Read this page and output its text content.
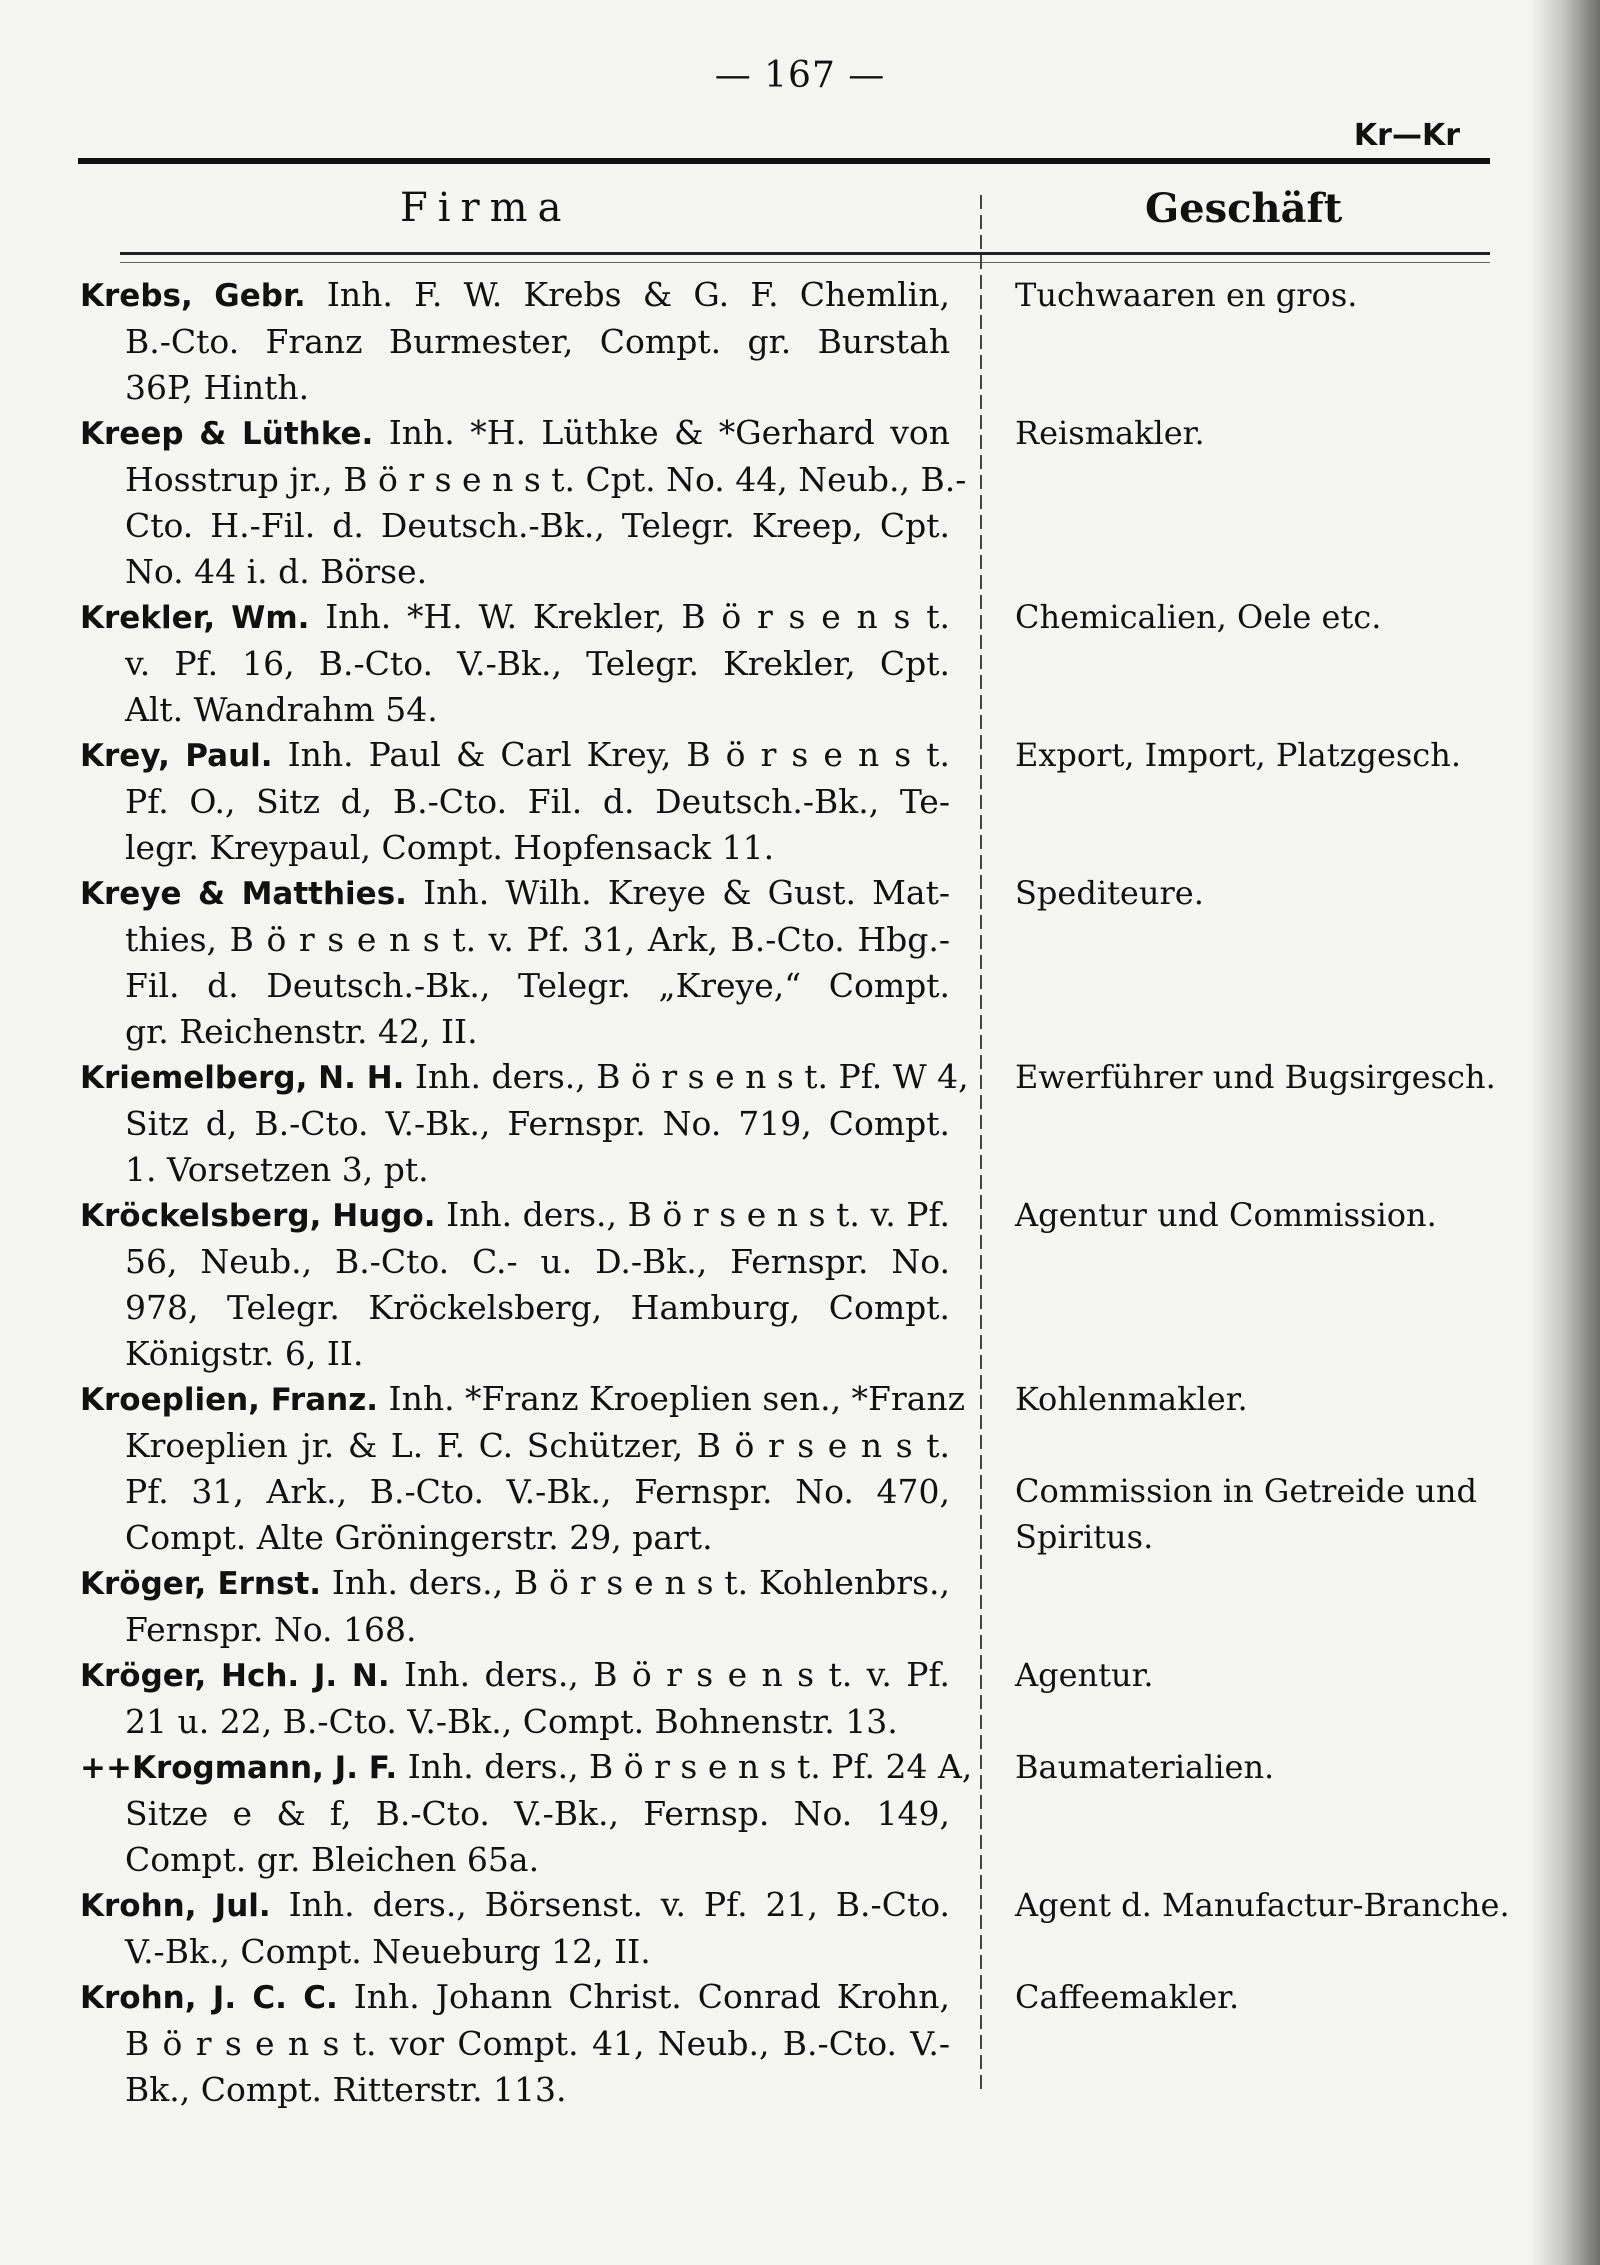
— 167 —
Kr—Kr
Firma	Geschäft
Krebs, Gebr. Inh. F. W. Krebs & G. F. Chemlin,
B.-Cto. Franz Burmester, Compt. gr. Burstah
36P, Hinth.
Tuchwaaren en gros.
Kreep & Lüthke. Inh. *H. Lüthke & *Gerhard von
Hosstrup jr., B ö r s e n s t. Cpt. No. 44, Neub., B.-
Cto. H.-Fil. d. Deutsch.-Bk., Telegr. Kreep, Cpt.
No. 44 i. d. Börse.
Reismakler.
Krekler, Wm. Inh. *H. W. Krekler, B ö r s e n s t.
v. Pf. 16, B.-Cto. V.-Bk., Telegr. Krekler, Cpt.
Alt. Wandrahm 54.
Chemicalien, Oele etc.
Krey, Paul. Inh. Paul & Carl Krey, B ö r s e n s t.
Pf. O., Sitz d, B.-Cto. Fil. d. Deutsch.-Bk., Te-
legr. Kreypaul, Compt. Hopfensack 11.
Export, Import, Platzgesch.
Kreye & Matthies. Inh. Wilh. Kreye & Gust. Mat-
thies, B ö r s e n s t. v. Pf. 31, Ark, B.-Cto. Hbg.-
Fil. d. Deutsch.-Bk., Telegr. „Kreye,“ Compt.
gr. Reichenstr. 42, II.
Spediteure.
Kriemelberg, N. H. Inh. ders., B ö r s e n s t. Pf. W 4,
Sitz d, B.-Cto. V.-Bk., Fernspr. No. 719, Compt.
1. Vorsetzen 3, pt.
Ewerführer und Bugsirgesch.
Kröckelsberg, Hugo. Inh. ders., B ö r s e n s t. v. Pf.
56, Neub., B.-Cto. C.- u. D.-Bk., Fernspr. No.
978, Telegr. Kröckelsberg, Hamburg, Compt.
Königstr. 6, II.
Agentur und Commission.
Kroeplien, Franz. Inh. *Franz Kroeplien sen., *Franz
Kroeplien jr. & L. F. C. Schützer, B ö r s e n s t.
Pf. 31, Ark., B.-Cto. V.-Bk., Fernspr. No. 470,
Compt. Alte Gröningerstr. 29, part.
Kohlenmakler.

Commission in Getreide und
Spiritus.
Kröger, Ernst. Inh. ders., B ö r s e n s t. Kohlenbrs.,
Fernspr. No. 168.

Kröger, Hch. J. N. Inh. ders., B ö r s e n s t. v. Pf.
21 u. 22, B.-Cto. V.-Bk., Compt. Bohnenstr. 13.
Agentur.
++Krogmann, J. F. Inh. ders., B ö r s e n s t. Pf. 24 A,
Sitze e & f, B.-Cto. V.-Bk., Fernsp. No. 149,
Compt. gr. Bleichen 65a.
Baumaterialien.
Krohn, Jul. Inh. ders., Börsenst. v. Pf. 21, B.-Cto.
V.-Bk., Compt. Neueburg 12, II.
Agent d. Manufactur-Branche.
Krohn, J. C. C. Inh. Johann Christ. Conrad Krohn,
B ö r s e n s t. vor Compt. 41, Neub., B.-Cto. V.-
Bk., Compt. Ritterstr. 113.
Caffeemakler.
